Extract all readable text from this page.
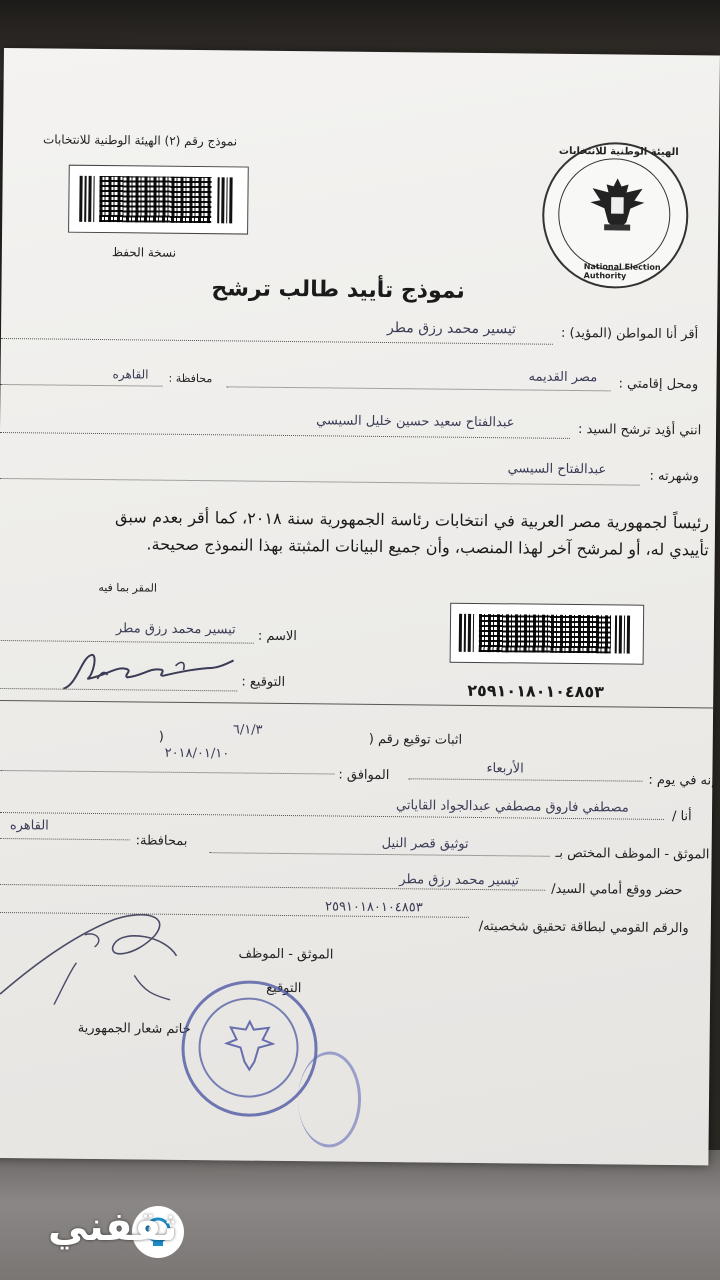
الهيئة الوطنية للانتخابات
National Election Authority
نموذج رقم (٢) الهيئة الوطنية للانتخابات
نسخة الحفظ
نموذج تأييد طالب ترشح
أقر أنا المواطن (المؤيد) :
تيسير محمد رزق مطر
ومحل إقامتي :
مصر القديمه
محافظة :
القاهره
انني أؤيد ترشح السيد :
عبدالفتاح سعيد حسين خليل السيسي
وشهرته :
عبدالفتاح السيسي
رئيساً لجمهورية مصر العربية في انتخابات رئاسة الجمهورية سنة ٢٠١٨، كما أقر بعدم سبق تأييدي له، أو لمرشح آخر لهذا المنصب، وأن جميع البيانات المثبتة بهذا النموذج صحيحة.
المقر بما فيه
الاسم :
تيسير محمد رزق مطر
التوقيع :	٢٥٩١٠١٨٠١٠٤٨٥٣
اثبات توقيع رقم (
٦/١/٣
)
إنه في يوم :
الأربعاء
الموافق :
٢٠١٨/٠١/١٠
أنا /
مصطفي فاروق مصطفي عبدالجواد القاياتي
الموثق - الموظف المختص بـ
توثيق قصر النيل
بمحافظة:
القاهره
حضر ووقع أمامي السيد/
تيسير محمد رزق مطر
٢٥٩١٠١٨٠١٠٤٨٥٣
والرقم القومي لبطاقة تحقيق شخصيته/
الموثق - الموظف
التوقيع
خاتم شعار الجمهورية
ثقفني
